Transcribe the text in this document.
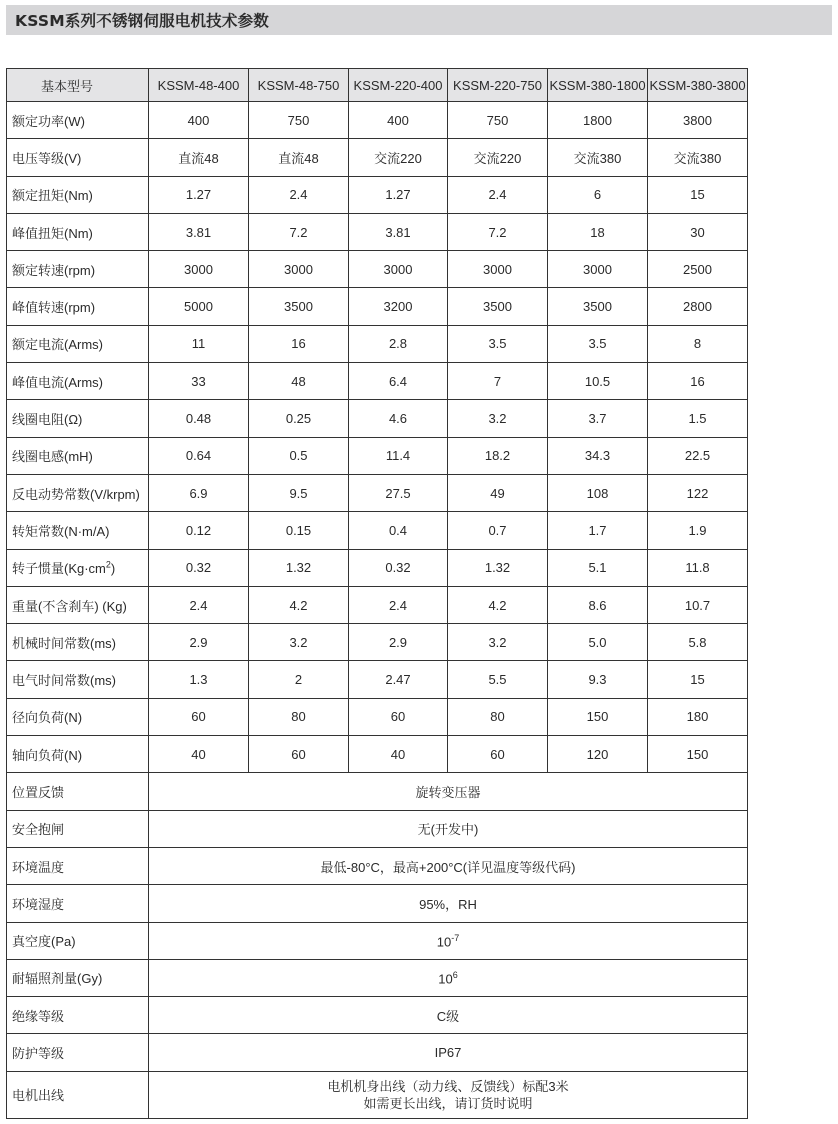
KSSM系列不锈钢伺服电机技术参数
基本型号	KSSM-48-400	KSSM-48-750	KSSM-220-400	KSSM-220-750	KSSM-380-1800	KSSM-380-3800
额定功率(W)	400	750	400	750	1800	3800
电压等级(V)	直流48	直流48	交流220	交流220	交流380	交流380
额定扭矩(Nm)	1.27	2.4	1.27	2.4	6	15
峰值扭矩(Nm)	3.81	7.2	3.81	7.2	18	30
额定转速(rpm)	3000	3000	3000	3000	3000	2500
峰值转速(rpm)	5000	3500	3200	3500	3500	2800
额定电流(Arms)	11	16	2.8	3.5	3.5	8
峰值电流(Arms)	33	48	6.4	7	10.5	16
线圈电阻(Ω)	0.48	0.25	4.6	3.2	3.7	1.5
线圈电感(mH)	0.64	0.5	11.4	18.2	34.3	22.5
反电动势常数(V/krpm)	6.9	9.5	27.5	49	108	122
转矩常数(N·m/A)	0.12	0.15	0.4	0.7	1.7	1.9
转子惯量$(Kg\cdot cm^2)$	0.32	1.32	0.32	1.32	5.1	11.8
重量(不含刹车) (Kg)	2.4	4.2	2.4	4.2	8.6	10.7
机械时间常数(ms)	2.9	3.2	2.9	3.2	5.0	5.8
电气时间常数(ms)	1.3	2	2.47	5.5	9.3	15
径向负荷(N)	60	80	60	80	150	180
轴向负荷(N)	40	60	40	60	120	150
位置反馈	旋转变压器					
安全抱闸	无(开发中)					
环境温度	最低-80°C，最高+200°C(详见温度等级代码)					
环境湿度	95%，RH					
真空度(Pa)	$10^{-7}$
耐辐照剂量(Gy)	$10^6$
绝缘等级	C级					
防护等级	IP67					
电机出线	电机机身出线（动力线、反馈线）标配3米
如需更长出线，请订货时说明					
